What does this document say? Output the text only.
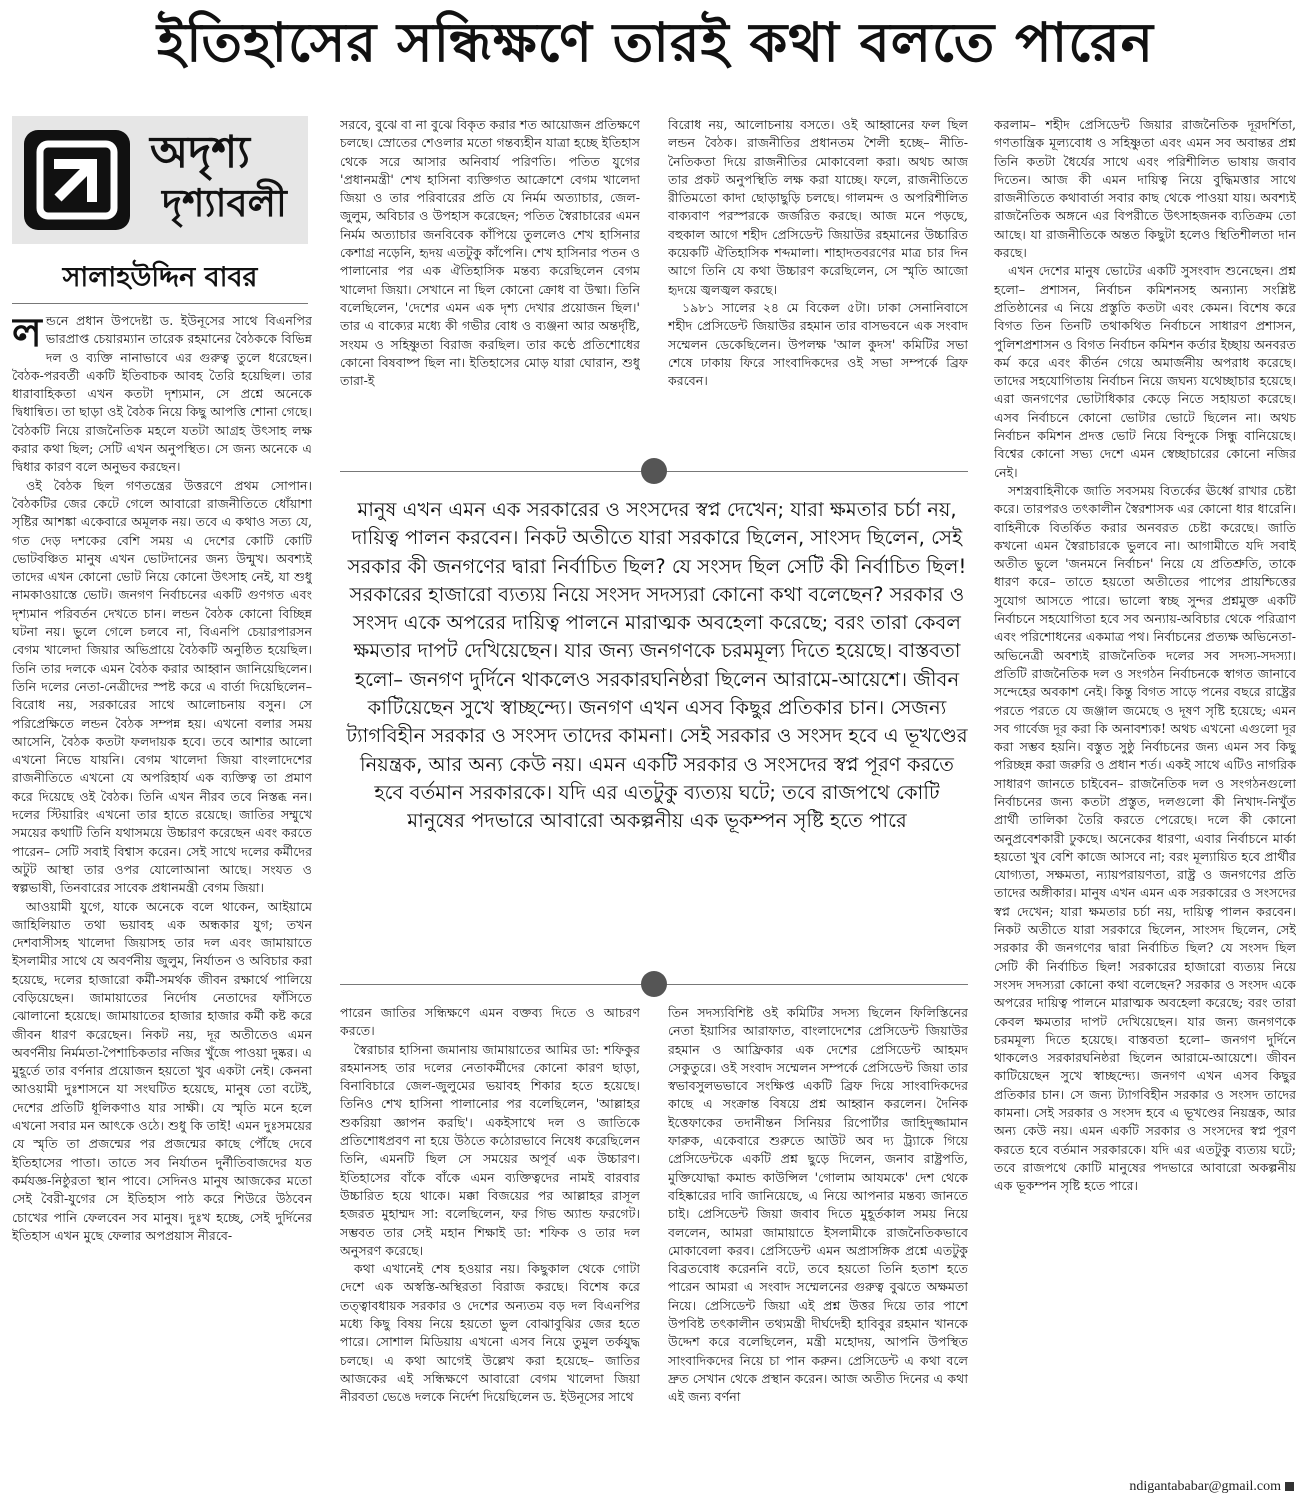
ইতিহাসের সন্ধিক্ষণে তারই কথা বলতে পারেন
অদৃশ্য
দৃশ্যাবলী
সালাহউদ্দিন বাবর

লন্ডনে প্রধান উপদেষ্টা ড. ইউনূসের সাথে বিএনপির ভারপ্রাপ্ত চেয়ারম্যান তারেক রহমানের বৈঠককে বিভিন্ন দল ও ব্যক্তি নানাভাবে এর গুরুত্ব তুলে ধরেছেন। বৈঠক-পরবর্তী একটি ইতিবাচক আবহ তৈরি হয়েছিল। তার ধারাবাহিকতা এখন কতটা দৃশ্যমান, সে প্রশ্নে অনেকে দ্বিধান্বিত। তা ছাড়া ওই বৈঠক নিয়ে কিছু আপত্তি শোনা গেছে। বৈঠকটি নিয়ে রাজনৈতিক মহলে যতটা আগ্রহ উৎসাহ লক্ষ করার কথা ছিল; সেটি এখন অনুপস্থিত। সে জন্য অনেকে এ দ্বিধার কারণ বলে অনুভব করছেন।

ওই বৈঠক ছিল গণতন্ত্রের উত্তরণে প্রথম সোপান। বৈঠকটির জের কেটে গেলে আবারো রাজনীতিতে ধোঁয়াশা সৃষ্টির আশঙ্কা একেবারে অমূলক নয়। তবে এ কথাও সত্য যে, গত দেড় দশকের বেশি সময় এ দেশের কোটি কোটি ভোটবঞ্চিত মানুষ এখন ভোটদানের জন্য উন্মুখ। অবশ্যই তাদের এখন কোনো ভোট নিয়ে কোনো উৎসাহ নেই, যা শুধু নামকাওয়াস্তে ভোট। জনগণ নির্বাচনের একটি গুণগত এবং দৃশ্যমান পরিবর্তন দেখতে চান। লন্ডন বৈঠক কোনো বিচ্ছিন্ন ঘটনা নয়। ভুলে গেলে চলবে না, বিএনপি চেয়ারপারসন বেগম খালেদা জিয়ার অভিপ্রায়ে বৈঠকটি অনুষ্ঠিত হয়েছিল। তিনি তার দলকে এমন বৈঠক করার আহ্বান জানিয়েছিলেন। তিনি দলের নেতা-নেত্রীদের স্পষ্ট করে এ বার্তা দিয়েছিলেন– বিরোধ নয়, সরকারের সাথে আলোচনায় বসুন। সে পরিপ্রেক্ষিতে লন্ডন বৈঠক সম্পন্ন হয়। এখনো বলার সময় আসেনি, বৈঠক কতটা ফলদায়ক হবে। তবে আশার আলো এখনো নিভে যায়নি। বেগম খালেদা জিয়া বাংলাদেশের রাজনীতিতে এখনো যে অপরিহার্য এক ব্যক্তিত্ব তা প্রমাণ করে দিয়েছে ওই বৈঠক। তিনি এখন নীরব তবে নিস্তব্ধ নন। দলের স্টিয়ারিং এখনো তার হাতে রয়েছে। জাতির সম্মুখে সময়ের কথাটি তিনি যথাসময়ে উচ্চারণ করেছেন এবং করতে পারেন– সেটি সবাই বিশ্বাস করেন। সেই সাথে দলের কর্মীদের অটুট আস্থা তার ওপর যোলোআনা আছে। সংযত ও স্বল্পভাষী, তিনবারের সাবেক প্রধানমন্ত্রী বেগম জিয়া।

আওয়ামী যুগে, যাকে অনেকে বলে থাকেন, আইয়ামে জাহিলিয়াত তথা ভয়াবহ এক অন্ধকার যুগ; তখন দেশবাসীসহ খালেদা জিয়াসহ তার দল এবং জামায়াতে ইসলামীর সাথে যে অবর্ণনীয় জুলুম, নির্যাতন ও অবিচার করা হয়েছে, দলের হাজারো কর্মী-সমর্থক জীবন রক্ষার্থে পালিয়ে বেড়িয়েছেন। জামায়াতের নির্দোষ নেতাদের ফাঁসিতে ঝোলানো হয়েছে। জামায়াতের হাজার হাজার কর্মী কষ্ট করে জীবন ধারণ করেছেন। নিকট নয়, দূর অতীতেও এমন অবর্ণনীয় নির্মমতা-পৈশাচিকতার নজির খুঁজে পাওয়া দুষ্কর। এ মুহূর্তে তার বর্ণনার প্রয়োজন হয়তো খুব একটা নেই। কেননা আওয়ামী দুঃশাসনে যা সংঘটিত হয়েছে, মানুষ তো বটেই, দেশের প্রতিটি ধূলিকণাও যার সাক্ষী। যে স্মৃতি মনে হলে এখনো সবার মন আৎকে ওঠে। শুধু কি তাই! এমন দুঃসময়ের যে স্মৃতি তা প্রজন্মের পর প্রজন্মের কাছে পৌঁছে দেবে ইতিহাসের পাতা। তাতে সব নির্যাতন দুর্নীতিবাজদের যত কর্মযজ্ঞ-নিষ্ঠুরতা স্থান পাবে। সেদিনও মানুষ আজকের মতো সেই বৈরী-যুগের সে ইতিহাস পাঠ করে শিউরে উঠবেন চোখের পানি ফেলবেন সব মানুষ। দুঃখ হচ্ছে, সেই দুর্দিনের ইতিহাস এখন মুছে ফেলার অপপ্রয়াস নীরবে-

সরবে, বুঝে বা না বুঝে বিকৃত করার শত আয়োজন প্রতিক্ষণে চলছে। স্রোতের শেওলার মতো গন্তব্যহীন যাত্রা হচ্ছে ইতিহাস থেকে সরে আসার অনিবার্য পরিণতি। পতিত যুগের 'প্রধানমন্ত্রী' শেখ হাসিনা ব্যক্তিগত আক্রোশে বেগম খালেদা জিয়া ও তার পরিবারের প্রতি যে নির্মম অত্যাচার, জেল-জুলুম, অবিচার ও উপহাস করেছেন; পতিত স্বৈরাচারের এমন নির্মম অত্যাচার জনবিবেক কাঁপিয়ে তুললেও শেখ হাসিনার কেশাগ্র নড়েনি, হৃদয় এতটুকু কাঁপেনি। শেখ হাসিনার পতন ও পালানোর পর এক ঐতিহাসিক মন্তব্য করেছিলেন বেগম খালেদা জিয়া। সেখানে না ছিল কোনো ক্রোধ বা উষ্মা। তিনি বলেছিলেন, 'দেশের এমন এক দৃশ্য দেখার প্রয়োজন ছিল।' তার এ বাক্যের মধ্যে কী গভীর বোধ ও ব্যঞ্জনা আর অন্তর্দৃষ্টি, সংযম ও সহিষ্ণুতা বিরাজ করছিল। তার কণ্ঠে প্রতিশোধের কোনো বিষবাষ্প ছিল না। ইতিহাসের মোড় যারা ঘোরান, শুধু তারা-ই

বিরোধ নয়, আলোচনায় বসতে। ওই আহ্বানের ফল ছিল লন্ডন বৈঠক। রাজনীতির প্রধানতম শৈলী হচ্ছে– নীতি-নৈতিকতা দিয়ে রাজনীতির মোকাবেলা করা। অথচ আজ তার প্রকট অনুপস্থিতি লক্ষ করা যাচ্ছে। ফলে, রাজনীতিতে রীতিমতো কাদা ছোড়াছুড়ি চলছে। গালমন্দ ও অপরিশীলিত বাক্যবাণ পরস্পরকে জর্জরিত করছে। আজ মনে পড়ছে, বহুকাল আগে শহীদ প্রেসিডেন্ট জিয়াউর রহমানের উচ্চারিত কয়েকটি ঐতিহাসিক শব্দমালা। শাহাদতবরণের মাত্র চার দিন আগে তিনি যে কথা উচ্চারণ করেছিলেন, সে স্মৃতি আজো হৃদয়ে জ্বলজ্বল করছে।

১৯৮১ সালের ২৪ মে বিকেল ৫টা। ঢাকা সেনানিবাসে শহীদ প্রেসিডেন্ট জিয়াউর রহমান তার বাসভবনে এক সংবাদ সম্মেলন ডেকেছিলেন। উপলক্ষ 'আল কুদস' কমিটির সভা শেষে ঢাকায় ফিরে সাংবাদিকদের ওই সভা সম্পর্কে ব্রিফ করবেন।

মানুষ এখন এমন এক সরকারের ও সংসদের স্বপ্ন দেখেন; যারা ক্ষমতার চর্চা নয়, দায়িত্ব পালন করবেন। নিকট অতীতে যারা সরকারে ছিলেন, সাংসদ ছিলেন, সেই সরকার কী জনগণের দ্বারা নির্বাচিত ছিল? যে সংসদ ছিল সেটি কী নির্বাচিত ছিল! সরকারের হাজারো ব্যত্যয় নিয়ে সংসদ সদস্যরা কোনো কথা বলেছেন? সরকার ও সংসদ একে অপরের দায়িত্ব পালনে মারাত্মক অবহেলা করেছে; বরং তারা কেবল ক্ষমতার দাপট দেখিয়েছেন। যার জন্য জনগণকে চরমমূল্য দিতে হয়েছে। বাস্তবতা হলো– জনগণ দুর্দিনে থাকলেও সরকারঘনিষ্ঠরা ছিলেন আরামে-আয়েশে। জীবন কাটিয়েছেন সুখে স্বাচ্ছন্দ্যে। জনগণ এখন এসব কিছুর প্রতিকার চান। সেজন্য ট্যাগবিহীন সরকার ও সংসদ তাদের কামনা। সেই সরকার ও সংসদ হবে এ ভূখণ্ডের নিয়ন্ত্রক, আর অন্য কেউ নয়। এমন একটি সরকার ও সংসদের স্বপ্ন পূরণ করতে হবে বর্তমান সরকারকে। যদি এর এতটুকু ব্যত্যয় ঘটে; তবে রাজপথে কোটি মানুষের পদভারে আবারো অকল্পনীয় এক ভূকম্পন সৃষ্টি হতে পারে

পারেন জাতির সন্ধিক্ষণে এমন বক্তব্য দিতে ও আচরণ করতে।

স্বৈরাচার হাসিনা জমানায় জামায়াতের আমির ডা: শফিকুর রহমানসহ তার দলের নেতাকর্মীদের কোনো কারণ ছাড়া, বিনাবিচারে জেল-জুলুমের ভয়াবহ শিকার হতে হয়েছে। তিনিও শেখ হাসিনা পালানোর পর বলেছিলেন, 'আল্লাহর শুকরিয়া জ্ঞাপন করছি'। একইসাথে দল ও জাতিকে প্রতিশোধপ্রবণ না হয়ে উঠতে কঠোরভাবে নিষেধ করেছিলেন তিনি, এমনটি ছিল সে সময়ের অপূর্ব এক উচ্চারণ। ইতিহাসের বাঁকে বাঁকে এমন ব্যক্তিত্বদের নামই বারবার উচ্চারিত হয়ে থাকে। মক্কা বিজয়ের পর আল্লাহর রাসূল হজরত মুহাম্মদ সা: বলেছিলেন, ফর গিভ অ্যান্ড ফরগেট। সম্ভবত তার সেই মহান শিক্ষাই ডা: শফিক ও তার দল অনুসরণ করেছে।

কথা এখানেই শেষ হওয়ার নয়। কিছুকাল থেকে গোটা দেশে এক অস্বস্তি-অস্থিরতা বিরাজ করছে। বিশেষ করে তত্ত্বাবধায়ক সরকার ও দেশের অন্যতম বড় দল বিএনপির মধ্যে কিছু বিষয় নিয়ে হয়তো ভুল বোঝাবুঝির জের হতে পারে। সোশাল মিডিয়ায় এখনো এসব নিয়ে তুমুল তর্কযুদ্ধ চলছে। এ কথা আগেই উল্লেখ করা হয়েছে– জাতির আজকের এই সন্ধিক্ষণে আবারো বেগম খালেদা জিয়া নীরবতা ভেঙে দলকে নির্দেশ দিয়েছিলেন ড. ইউনূসের সাথে

তিন সদস্যবিশিষ্ট ওই কমিটির সদস্য ছিলেন ফিলিস্তিনের নেতা ইয়াসির আরাফাত, বাংলাদেশের প্রেসিডেন্ট জিয়াউর রহমান ও আফ্রিকার এক দেশের প্রেসিডেন্ট আহমদ সেকুতুরে। ওই সংবাদ সম্মেলন সম্পর্কে প্রেসিডেন্ট জিয়া তার স্বভাবসুলভভাবে সংক্ষিপ্ত একটি ব্রিফ দিয়ে সাংবাদিকদের কাছে এ সংক্রান্ত বিষয়ে প্রশ্ন আহ্বান করলেন। দৈনিক ইত্তেফাকের তদানীন্তন সিনিয়র রিপোর্টার জাহিদুজ্জামান ফারুক, একেবারে শুরুতে আউট অব দ্য ট্র্যাকে গিয়ে প্রেসিডেন্টকে একটি প্রশ্ন ছুড়ে দিলেন, জনাব রাষ্ট্রপতি, মুক্তিযোদ্ধা কমান্ড কাউন্সিল 'গোলাম আযমকে' দেশ থেকে বহিষ্কারের দাবি জানিয়েছে, এ নিয়ে আপনার মন্তব্য জানতে চাই। প্রেসিডেন্ট জিয়া জবাব দিতে মুহূর্তকাল সময় নিয়ে বললেন, আমরা জামায়াতে ইসলামীকে রাজনৈতিকভাবে মোকাবেলা করব। প্রেসিডেন্ট এমন অপ্রাসঙ্গিক প্রশ্নে এতটুকু বিব্রতবোধ করেননি বটে, তবে হয়তো তিনি হতাশ হতে পারেন আমরা এ সংবাদ সম্মেলনের গুরুত্ব বুঝতে অক্ষমতা নিয়ে। প্রেসিডেন্ট জিয়া এই প্রশ্ন উত্তর দিয়ে তার পাশে উপবিষ্ট তৎকালীন তথ্যমন্ত্রী দীর্ঘদেহী হাবিবুর রহমান খানকে উদ্দেশ করে বলেছিলেন, মন্ত্রী মহোদয়, আপনি উপস্থিত সাংবাদিকদের নিয়ে চা পান করুন। প্রেসিডেন্ট এ কথা বলে দ্রুত সেখান থেকে প্রস্থান করেন। আজ অতীত দিনের এ কথা এই জন্য বর্ণনা

করলাম– শহীদ প্রেসিডেন্ট জিয়ার রাজনৈতিক দূরদর্শিতা, গণতান্ত্রিক মূল্যবোধ ও সহিষ্ণুতা এবং এমন সব অবান্তর প্রশ্ন তিনি কতটা ধৈর্যের সাথে এবং পরিশীলিত ভাষায় জবাব দিতেন। আজ কী এমন দায়িত্ব নিয়ে বুদ্ধিমত্তার সাথে রাজনীতিতে কথাবার্তা সবার কাছ থেকে পাওয়া যায়। অবশ্যই রাজনৈতিক অঙ্গনে এর বিপরীতে উৎসাহজনক ব্যতিক্রম তো আছে। যা রাজনীতিকে অন্তত কিছুটা হলেও স্থিতিশীলতা দান করছে।

এখন দেশের মানুষ ভোটের একটি সুসংবাদ শুনেছেন। প্রশ্ন হলো– প্রশাসন, নির্বাচন কমিশনসহ অন্যান্য সংশ্লিষ্ট প্রতিষ্ঠানের এ নিয়ে প্রস্তুতি কতটা এবং কেমন। বিশেষ করে বিগত তিন তিনটি তথাকথিত নির্বাচনে সাধারণ প্রশাসন, পুলিশপ্রশাসন ও বিগত নির্বাচন কমিশন কর্তার ইচ্ছায় অনবরত কর্ম করে এবং কীর্তন গেয়ে অমার্জনীয় অপরাধ করেছে। তাদের সহযোগিতায় নির্বাচন নিয়ে জঘন্য যথেচ্ছাচার হয়েছে। এরা জনগণের ভোটাধিকার কেড়ে নিতে সহায়তা করেছে। এসব নির্বাচনে কোনো ভোটার ভোটে ছিলেন না। অথচ নির্বাচন কমিশন প্রদত্ত ভোট নিয়ে বিন্দুকে সিন্ধু বানিয়েছে। বিশ্বের কোনো সভ্য দেশে এমন স্বেচ্ছাচারের কোনো নজির নেই।

সশস্ত্রবাহিনীকে জাতি সবসময় বিতর্কের ঊর্ধ্বে রাখার চেষ্টা করে। তারপরও তৎকালীন স্বৈরশাসক এর কোনো ধার ধারেনি। বাহিনীকে বিতর্কিত করার অনবরত চেষ্টা করেছে। জাতি কখনো এমন স্বৈরাচারকে ভুলবে না। আগামীতে যদি সবাই অতীত ভুলে 'জনমনে নির্বাচন' নিয়ে যে প্রতিশ্রুতি, তাকে ধারণ করে– তাতে হয়তো অতীতের পাপের প্রায়শ্চিত্তের সুযোগ আসতে পারে। ভালো স্বচ্ছ সুন্দর প্রশ্নমুক্ত একটি নির্বাচনে সহযোগিতা হবে সব অন্যায়-অবিচার থেকে পরিত্রাণ এবং পরিশোধনের একমাত্র পথ। নির্বাচনের প্রত্যক্ষ অভিনেতা-অভিনেত্রী অবশ্যই রাজনৈতিক দলের সব সদস্য-সদস্যা। প্রতিটি রাজনৈতিক দল ও সংগঠন নির্বাচনকে স্বাগত জানাবে সন্দেহের অবকাশ নেই। কিন্তু বিগত সাড়ে পনের বছরে রাষ্ট্রের পরতে পরতে যে জঞ্জাল জমেছে ও দূষণ সৃষ্টি হয়েছে; এমন সব গার্বেজ দূর করা কি অনাবশ্যক! অথচ এখনো এগুলো দূর করা সম্ভব হয়নি। বস্তুত সুষ্ঠু নির্বাচনের জন্য এমন সব কিছু পরিচ্ছন্ন করা জরুরি ও প্রধান শর্ত। একই সাথে এটিও নাগরিক সাধারণ জানতে চাইবেন– রাজনৈতিক দল ও সংগঠনগুলো নির্বাচনের জন্য কতটা প্রস্তুত, দলগুলো কী নিখাদ-নিখুঁত প্রার্থী তালিকা তৈরি করতে পেরেছে। দলে কী কোনো অনুপ্রবেশকারী ঢুকছে। অনেকের ধারণা, এবার নির্বাচনে মার্কা হয়তো খুব বেশি কাজে আসবে না; বরং মূল্যায়িত হবে প্রার্থীর যোগ্যতা, সক্ষমতা, ন্যায়পরায়ণতা, রাষ্ট্র ও জনগণের প্রতি তাদের অঙ্গীকার। মানুষ এখন এমন এক সরকারের ও সংসদের স্বপ্ন দেখেন; যারা ক্ষমতার চর্চা নয়, দায়িত্ব পালন করবেন। নিকট অতীতে যারা সরকারে ছিলেন, সাংসদ ছিলেন, সেই সরকার কী জনগণের দ্বারা নির্বাচিত ছিল? যে সংসদ ছিল সেটি কী নির্বাচিত ছিল! সরকারের হাজারো ব্যত্যয় নিয়ে সংসদ সদস্যরা কোনো কথা বলেছেন? সরকার ও সংসদ একে অপরের দায়িত্ব পালনে মারাত্মক অবহেলা করেছে; বরং তারা কেবল ক্ষমতার দাপট দেখিয়েছেন। যার জন্য জনগণকে চরমমূল্য দিতে হয়েছে। বাস্তবতা হলো– জনগণ দুর্দিনে থাকলেও সরকারঘনিষ্ঠরা ছিলেন আরামে-আয়েশে। জীবন কাটিয়েছেন সুখে স্বাচ্ছন্দ্যে। জনগণ এখন এসব কিছুর প্রতিকার চান। সে জন্য ট্যাগবিহীন সরকার ও সংসদ তাদের কামনা। সেই সরকার ও সংসদ হবে এ ভূখণ্ডের নিয়ন্ত্রক, আর অন্য কেউ নয়। এমন একটি সরকার ও সংসদের স্বপ্ন পূরণ করতে হবে বর্তমান সরকারকে। যদি এর এতটুকু ব্যত্যয় ঘটে; তবে রাজপথে কোটি মানুষের পদভারে আবারো অকল্পনীয় এক ভূকম্পন সৃষ্টি হতে পারে।

ndigantababar@gmail.com
